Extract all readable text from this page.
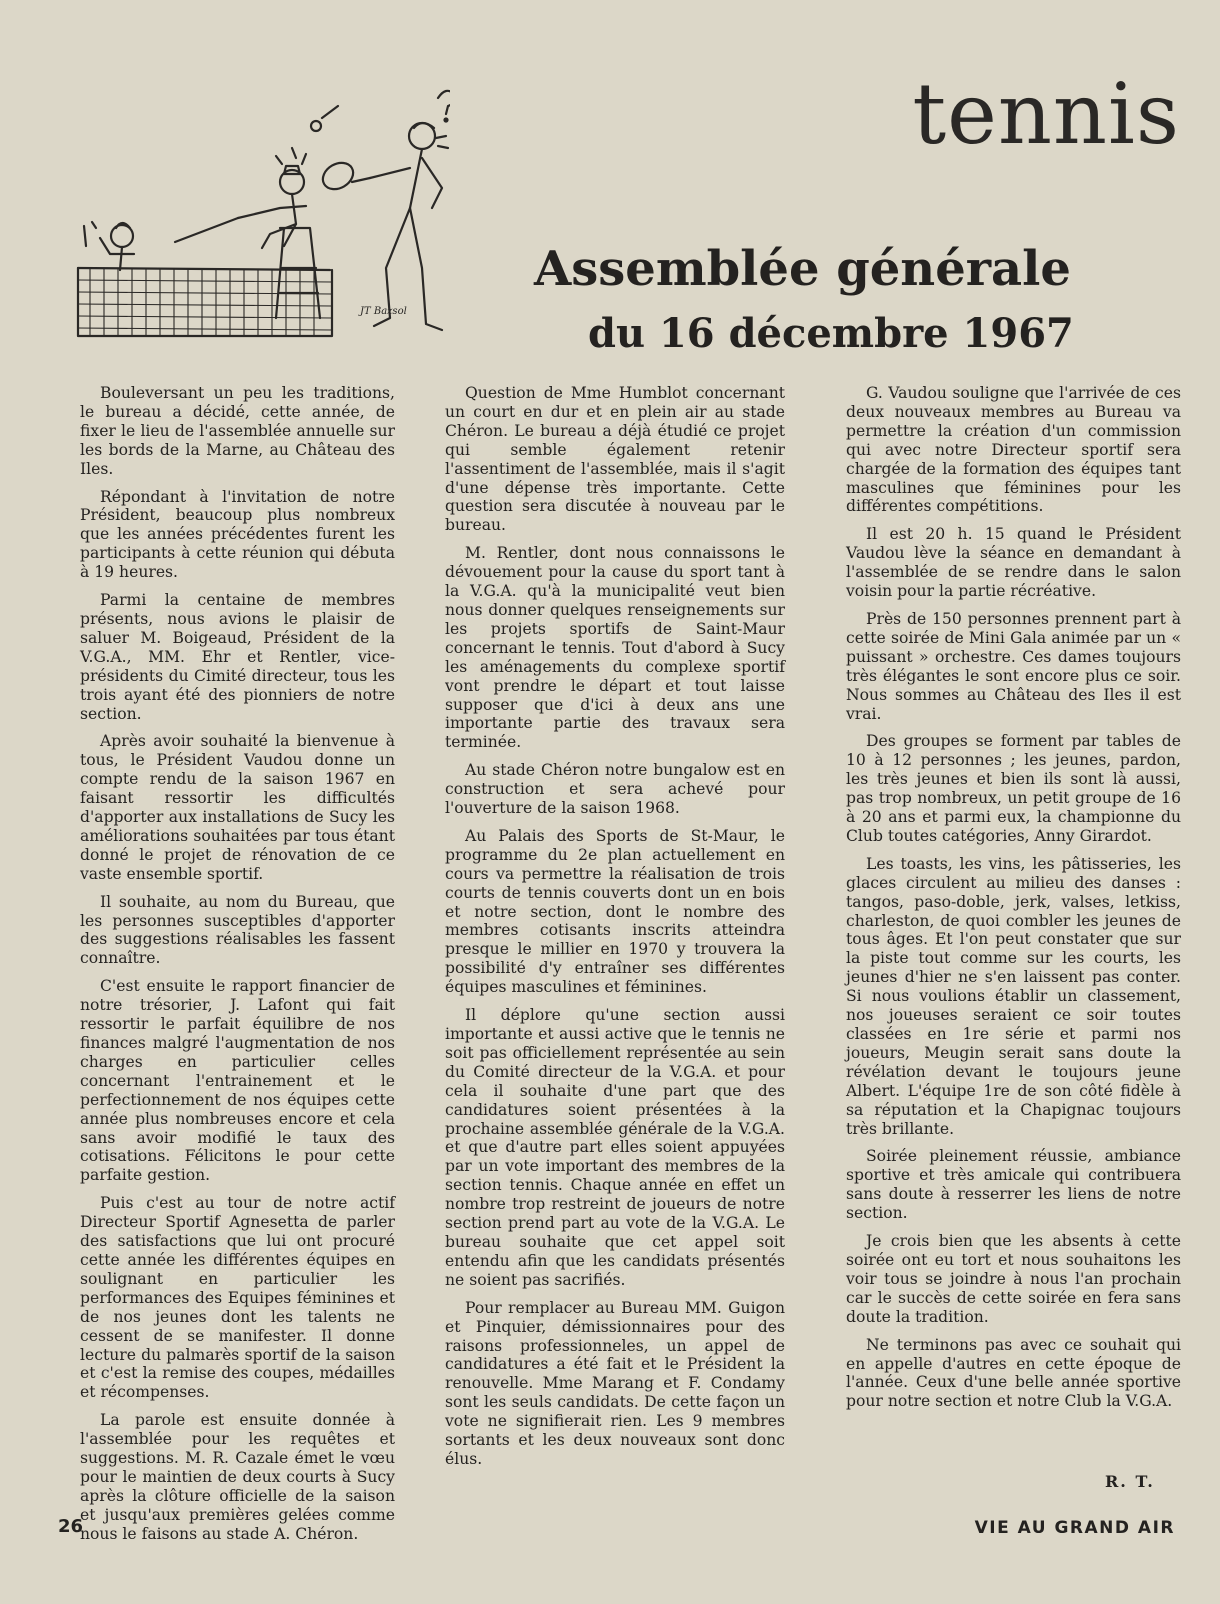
JT Bazsol
tennis
Assemblée générale
du 16 décembre 1967

Bouleversant un peu les traditions, le bureau a décidé, cette année, de fixer le lieu de l'assemblée annuelle sur les bords de la Marne, au Château des Iles.

Répondant à l'invitation de notre Président, beaucoup plus nombreux que les années précédentes furent les participants à cette réunion qui débuta à 19 heures.

Parmi la centaine de membres présents, nous avions le plaisir de saluer M. Boigeaud, Président de la V.G.A., MM. Ehr et Rentler, vice-présidents du Cimité directeur, tous les trois ayant été des pionniers de notre section.

Après avoir souhaité la bienvenue à tous, le Président Vaudou donne un compte rendu de la saison 1967 en faisant ressortir les difficultés d'apporter aux installations de Sucy les améliorations souhaitées par tous étant donné le projet de rénovation de ce vaste ensemble sportif.

Il souhaite, au nom du Bureau, que les personnes susceptibles d'apporter des suggestions réalisables les fassent connaître.

C'est ensuite le rapport financier de notre trésorier, J. Lafont qui fait ressortir le parfait équilibre de nos finances malgré l'augmentation de nos charges en particulier celles concernant l'entrainement et le perfectionnement de nos équipes cette année plus nombreuses encore et cela sans avoir modifié le taux des cotisations. Félicitons le pour cette parfaite gestion.

Puis c'est au tour de notre actif Directeur Sportif Agnesetta de parler des satisfactions que lui ont procuré cette année les différentes équipes en soulignant en particulier les performances des Equipes féminines et de nos jeunes dont les talents ne cessent de se manifester. Il donne lecture du palmarès sportif de la saison et c'est la remise des coupes, médailles et récompenses.

La parole est ensuite donnée à l'assemblée pour les requêtes et suggestions. M. R. Cazale émet le vœu pour le maintien de deux courts à Sucy après la clôture officielle de la saison et jusqu'aux premières gelées comme nous le faisons au stade A. Chéron.

Question de Mme Humblot concernant un court en dur et en plein air au stade Chéron. Le bureau a déjà étudié ce projet qui semble également retenir l'assentiment de l'assemblée, mais il s'agit d'une dépense très importante. Cette question sera discutée à nouveau par le bureau.

M. Rentler, dont nous connaissons le dévouement pour la cause du sport tant à la V.G.A. qu'à la municipalité veut bien nous donner quelques renseignements sur les projets sportifs de Saint-Maur concernant le tennis. Tout d'abord à Sucy les aménagements du complexe sportif vont prendre le départ et tout laisse supposer que d'ici à deux ans une importante partie des travaux sera terminée.

Au stade Chéron notre bungalow est en construction et sera achevé pour l'ouverture de la saison 1968.

Au Palais des Sports de St-Maur, le programme du 2e plan actuellement en cours va permettre la réalisation de trois courts de tennis couverts dont un en bois et notre section, dont le nombre des membres cotisants inscrits atteindra presque le millier en 1970 y trouvera la possibilité d'y entraîner ses différentes équipes masculines et féminines.

Il déplore qu'une section aussi importante et aussi active que le tennis ne soit pas officiellement représentée au sein du Comité directeur de la V.G.A. et pour cela il souhaite d'une part que des candidatures soient présentées à la prochaine assemblée générale de la V.G.A. et que d'autre part elles soient appuyées par un vote important des membres de la section tennis. Chaque année en effet un nombre trop restreint de joueurs de notre section prend part au vote de la V.G.A. Le bureau souhaite que cet appel soit entendu afin que les candidats présentés ne soient pas sacrifiés.

Pour remplacer au Bureau MM. Guigon et Pinquier, démissionnaires pour des raisons professionneles, un appel de candidatures a été fait et le Président la renouvelle. Mme Marang et F. Condamy sont les seuls candidats. De cette façon un vote ne signifierait rien. Les 9 membres sortants et les deux nouveaux sont donc élus.

G. Vaudou souligne que l'arrivée de ces deux nouveaux membres au Bureau va permettre la création d'un commission qui avec notre Directeur sportif sera chargée de la formation des équipes tant masculines que féminines pour les différentes compétitions.

Il est 20 h. 15 quand le Président Vaudou lève la séance en demandant à l'assemblée de se rendre dans le salon voisin pour la partie récréative.

Près de 150 personnes prennent part à cette soirée de Mini Gala animée par un « puissant » orchestre. Ces dames toujours très élégantes le sont encore plus ce soir. Nous sommes au Château des Iles il est vrai.

Des groupes se forment par tables de 10 à 12 personnes ; les jeunes, pardon, les très jeunes et bien ils sont là aussi, pas trop nombreux, un petit groupe de 16 à 20 ans et parmi eux, la championne du Club toutes catégories, Anny Girardot.

Les toasts, les vins, les pâtisseries, les glaces circulent au milieu des danses : tangos, paso-doble, jerk, valses, letkiss, charleston, de quoi combler les jeunes de tous âges. Et l'on peut constater que sur la piste tout comme sur les courts, les jeunes d'hier ne s'en laissent pas conter. Si nous voulions établir un classement, nos joueuses seraient ce soir toutes classées en 1re série et parmi nos joueurs, Meugin serait sans doute la révélation devant le toujours jeune Albert. L'équipe 1re de son côté fidèle à sa réputation et la Chapignac toujours très brillante.

Soirée pleinement réussie, ambiance sportive et très amicale qui contribuera sans doute à resserrer les liens de notre section.

Je crois bien que les absents à cette soirée ont eu tort et nous souhaitons les voir tous se joindre à nous l'an prochain car le succès de cette soirée en fera sans doute la tradition.

Ne terminons pas avec ce souhait qui en appelle d'autres en cette époque de l'année. Ceux d'une belle année sportive pour notre section et notre Club la V.G.A.

R. T.
26	VIE AU GRAND AIR
